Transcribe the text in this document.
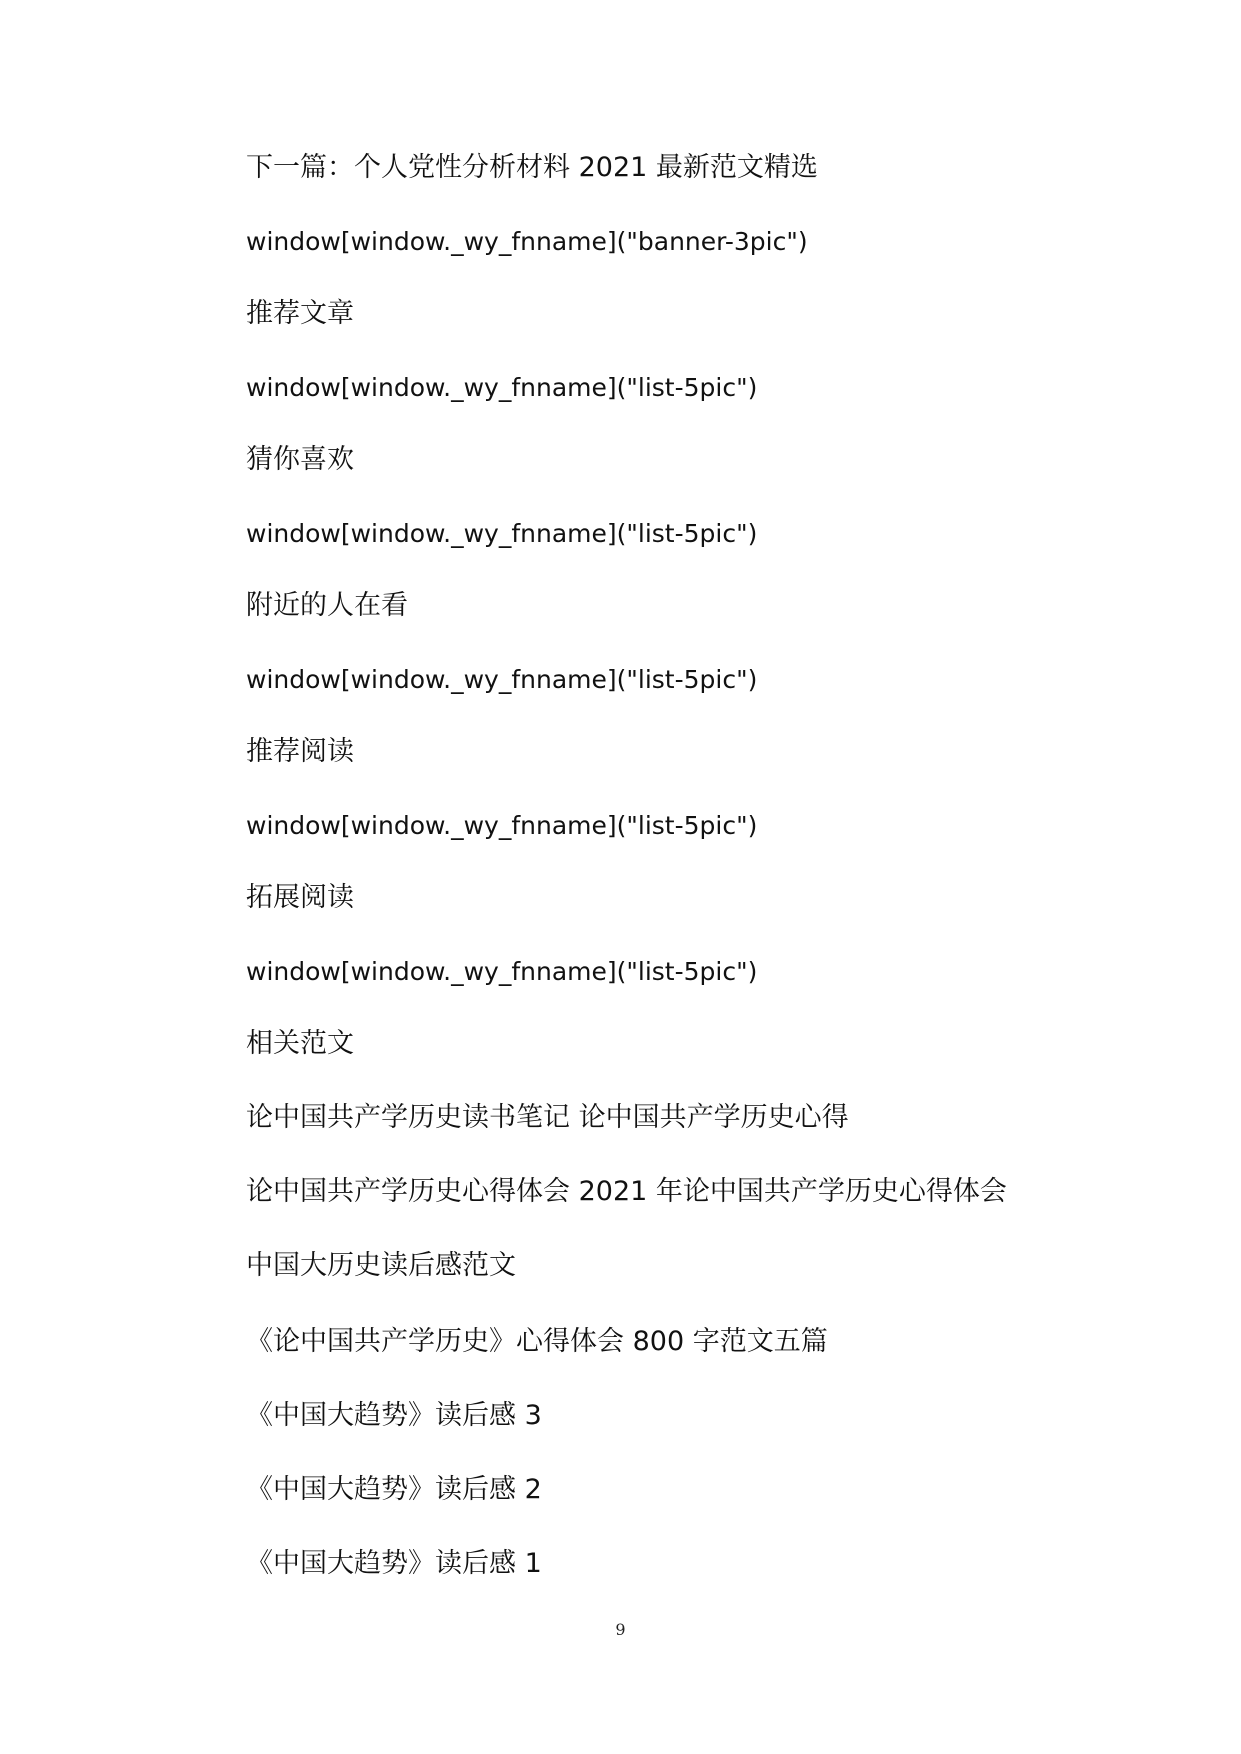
下一篇：个人党性分析材料 2021 最新范文精选
window[window._wy_fnname]("banner-3pic")
推荐文章
window[window._wy_fnname]("list-5pic")
猜你喜欢
window[window._wy_fnname]("list-5pic")
附近的人在看
window[window._wy_fnname]("list-5pic")
推荐阅读
window[window._wy_fnname]("list-5pic")
拓展阅读
window[window._wy_fnname]("list-5pic")
相关范文
论中国共产学历史读书笔记 论中国共产学历史心得
论中国共产学历史心得体会 2021 年论中国共产学历史心得体会
中国大历史读后感范文
《论中国共产学历史》心得体会 800 字范文五篇
《中国大趋势》读后感 3
《中国大趋势》读后感 2
《中国大趋势》读后感 1
9
